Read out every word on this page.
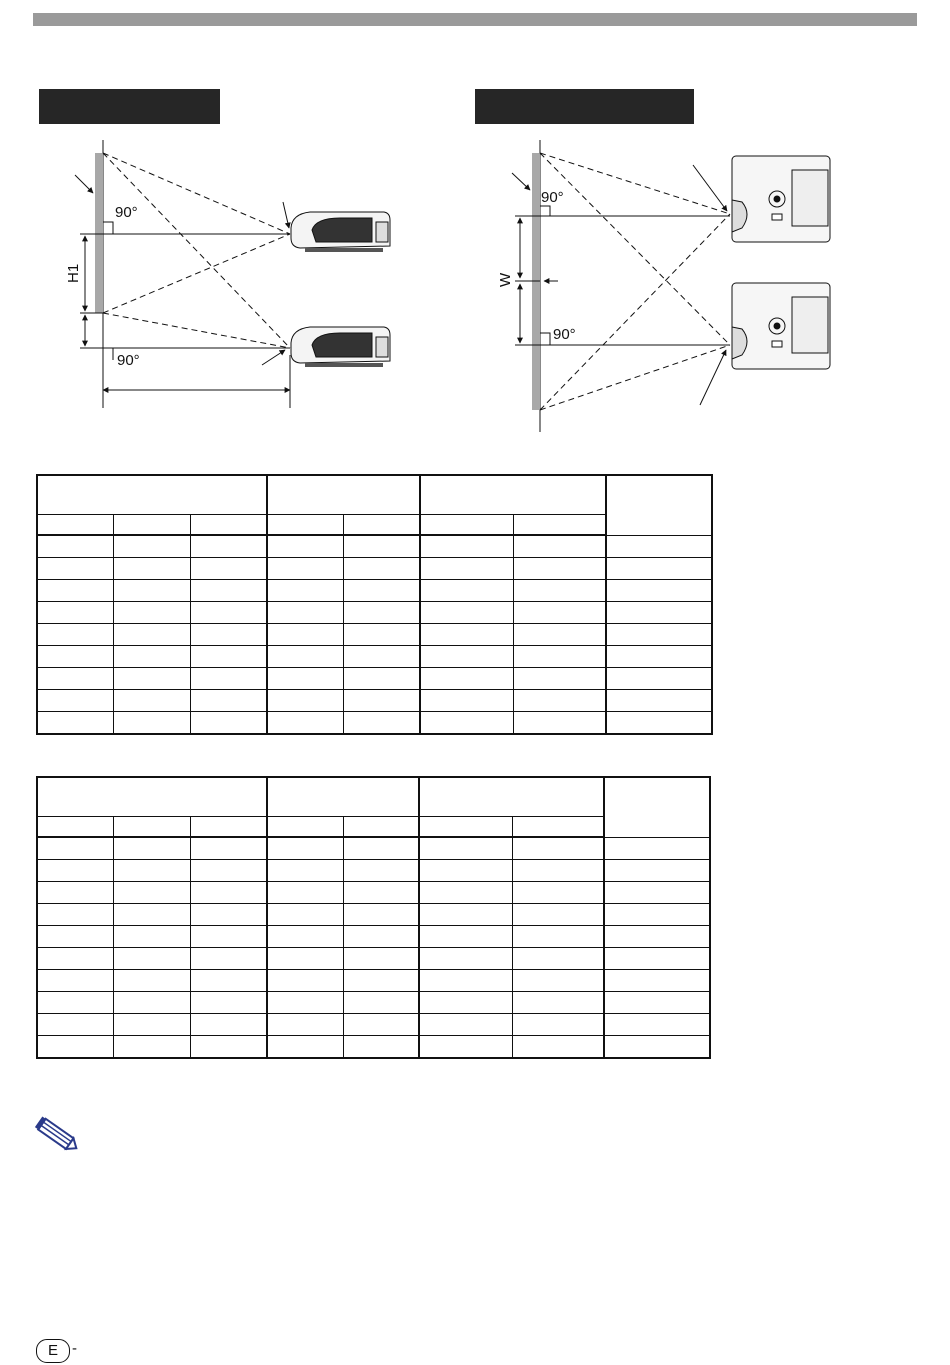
90°
90°
H1
90°
90°
W

E -
